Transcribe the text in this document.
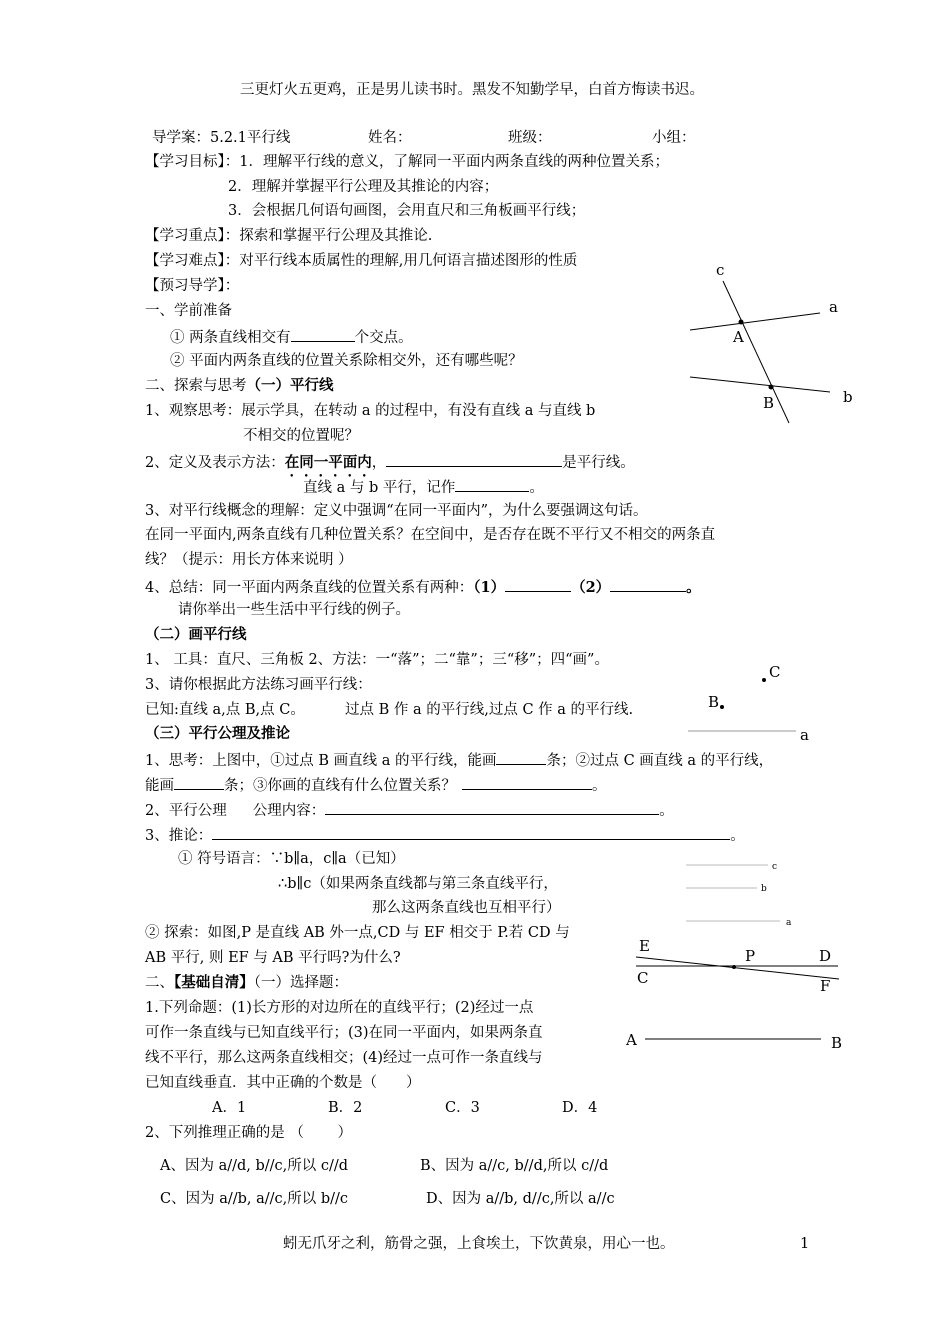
三更灯火五更鸡，正是男儿读书时。黑发不知勤学早，白首方悔读书迟。
导学案：5.2.1平行线	姓名：	班级：	小组：
【学习目标】：1．理解平行线的意义，了解同一平面内两条直线的两种位置关系；
2．理解并掌握平行公理及其推论的内容；
3．会根据几何语句画图，会用直尺和三角板画平行线；
【学习重点】：探索和掌握平行公理及其推论.
【学习难点】：对平行线本质属性的理解,用几何语言描述图形的性质
【预习导学】：
一、学前准备
① 两条直线相交有	个交点。
② 平面内两条直线的位置关系除相交外，还有哪些呢？
二、探索与思考（一）平行线
1、观察思考：展示学具，在转动 a 的过程中，有没有直线 a 与直线 b
不相交的位置呢？
2、定义及表示方法：在同一平面内，	是平行线。
直线 a 与 b 平行，记作	。
3、对平行线概念的理解：定义中强调“在同一平面内”，为什么要强调这句话。
在同一平面内,两条直线有几种位置关系？在空间中，是否存在既不平行又不相交的两条直
线？（提示：用长方体来说明 ）
4、总结：同一平面内两条直线的位置关系有两种：（1）	（2）	。
请你举出一些生活中平行线的例子。
（二）画平行线
1、 工具：直尺、三角板 2、方法：一“落”；二“靠”；三“移”；四“画”。
3、请你根据此方法练习画平行线：
已知:直线 a,点 B,点 C。	过点 B 作 a 的平行线,过点 C 作 a 的平行线.
（三）平行公理及推论
1、思考：上图中，①过点 B 画直线 a 的平行线，能画	条；②过点 C 画直线 a 的平行线，
能画	条；③你画的直线有什么位置关系？	。
2、平行公理 公理内容：	。
3、推论：	。
① 符号语言：∵b∥a，c∥a（已知）
∴b∥c（如果两条直线都与第三条直线平行，
那么这两条直线也互相平行）
② 探索：如图,P 是直线 AB 外一点,CD 与 EF 相交于 P.若 CD 与
AB 平行, 则 EF 与 AB 平行吗?为什么?
二、【基础自清】（一）选择题：
1.下列命题：(1)长方形的对边所在的直线平行；(2)经过一点
可作一条直线与已知直线平行；(3)在同一平面内，如果两条直
线不平行，那么这两条直线相交；(4)经过一点可作一条直线与
已知直线垂直．其中正确的个数是（　　）
A．1	B．2	C．3	D．4
2、下列推理正确的是 （　　 ）
A、因为 a//d, b//c,所以 c//d	B、因为 a//c, b//d,所以 c//d
C、因为 a//b, a//c,所以 b//c	D、因为 a//b, d//c,所以 a//c
蚓无爪牙之利，筋骨之强，上食埃土，下饮黄泉，用心一也。	1
c
a
A
B	b
C
B
a
c
b
a
E
P	D
C	F
A	B
